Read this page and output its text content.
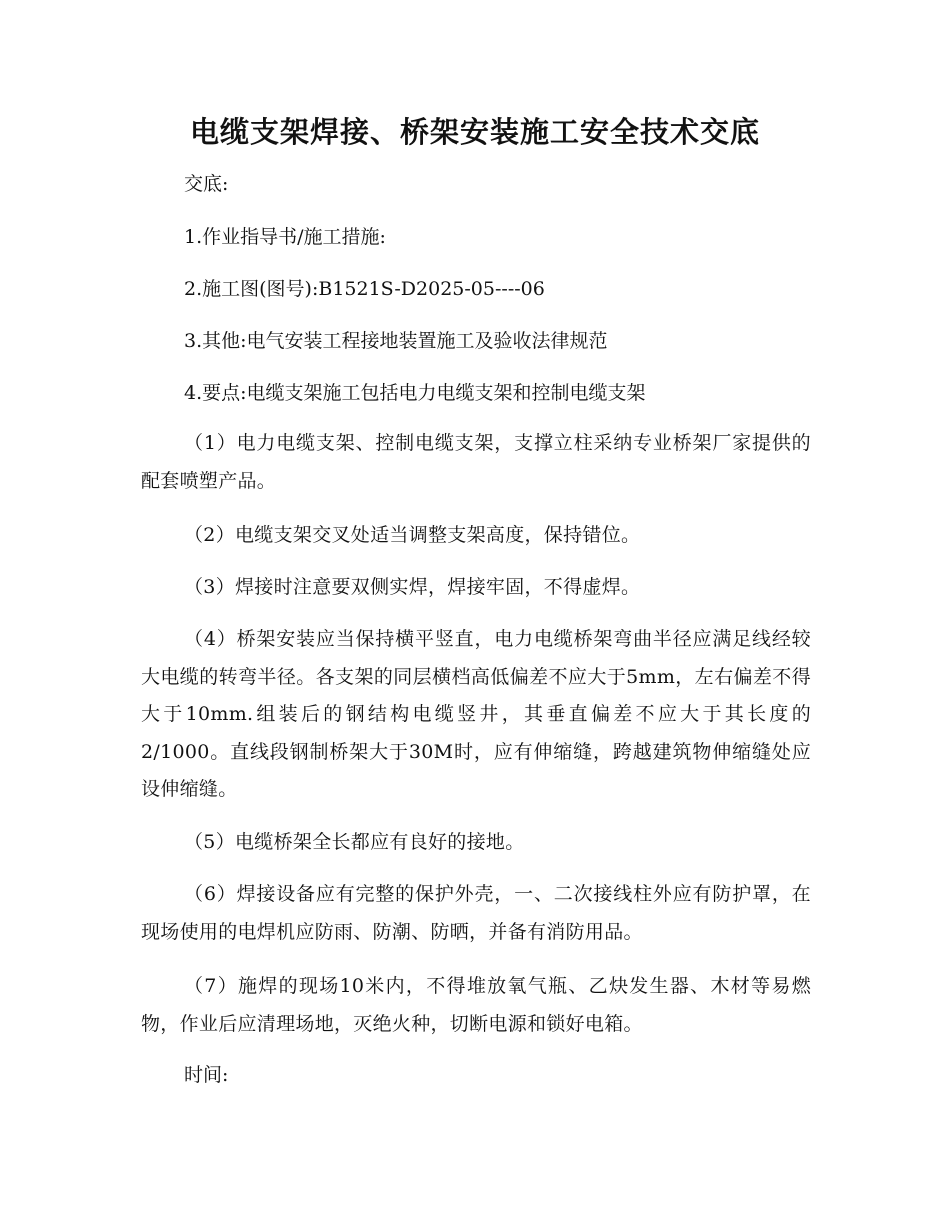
电缆支架焊接、桥架安装施工安全技术交底
交底:
1.作业指导书/施工措施:
2.施工图(图号):B1521S-D2025-05----06
3.其他:电气安装工程接地装置施工及验收法律规范
4.要点:电缆支架施工包括电力电缆支架和控制电缆支架
（1）电力电缆支架、控制电缆支架，支撑立柱采纳专业桥架厂家提供的配套喷塑产品。
（2）电缆支架交叉处适当调整支架高度，保持错位。
（3）焊接时注意要双侧实焊，焊接牢固，不得虚焊。
（4）桥架安装应当保持横平竖直，电力电缆桥架弯曲半径应满足线经较大电缆的转弯半径。各支架的同层横档高低偏差不应大于5mm，左右偏差不得大于10mm.组装后的钢结构电缆竖井，其垂直偏差不应大于其长度的2/1000。直线段钢制桥架大于30M时，应有伸缩缝，跨越建筑物伸缩缝处应设伸缩缝。
（5）电缆桥架全长都应有良好的接地。
（6）焊接设备应有完整的保护外壳，一、二次接线柱外应有防护罩，在现场使用的电焊机应防雨、防潮、防晒，并备有消防用品。
（7）施焊的现场10米内，不得堆放氧气瓶、乙炔发生器、木材等易燃物，作业后应清理场地，灭绝火种，切断电源和锁好电箱。
时间:
